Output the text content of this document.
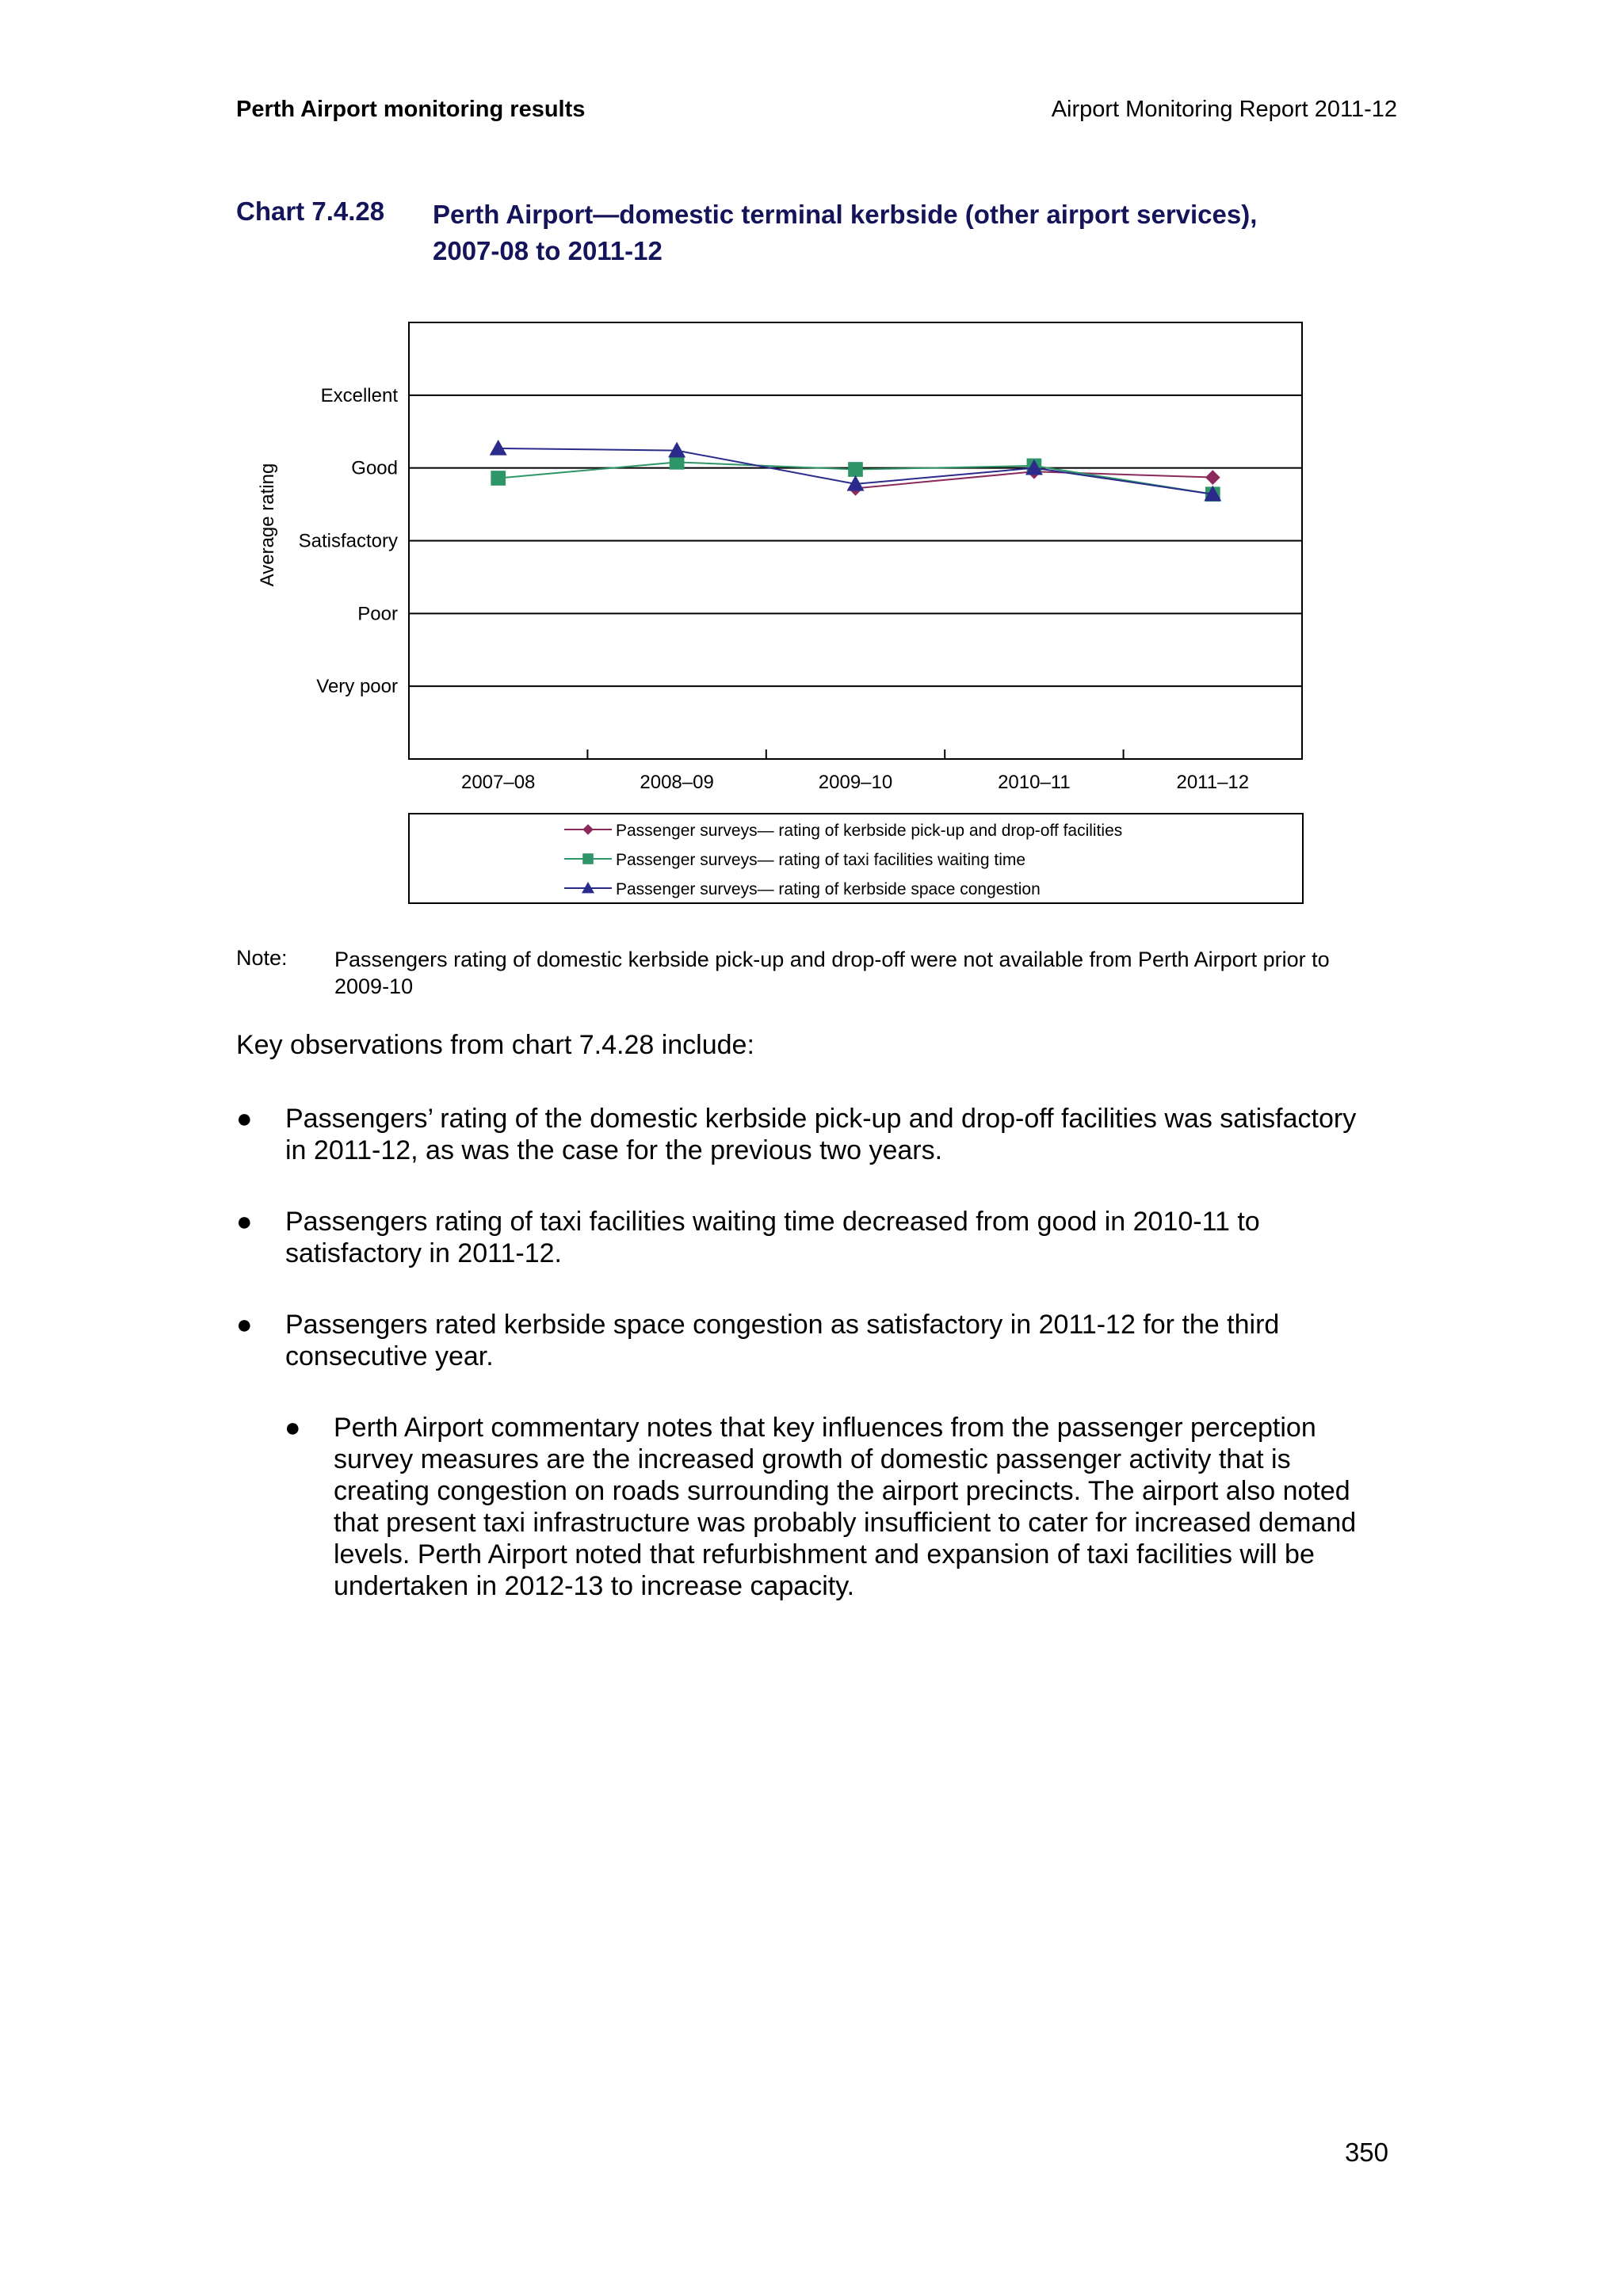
Perth Airport monitoring results	Airport Monitoring Report 2011-12
Chart 7.4.28 Perth Airport—domestic terminal kerbside (other airport services), 2007-08 to 2011-12
Very poor
Poor
Satisfactory
Good
Excellent
Average rating
2007–08	2008–09	2009–10	2010–11	2011–12
Passenger surveys— rating of kerbside pick-up and drop-off facilities
Passenger surveys— rating of taxi facilities waiting time
Passenger surveys— rating of kerbside space congestion
Note: Passengers rating of domestic kerbside pick-up and drop-off were not available from Perth Airport prior to 2009-10
Key observations from chart 7.4.28 include:
● Passengers’ rating of the domestic kerbside pick-up and drop-off facilities was satisfactory in 2011-12, as was the case for the previous two years.
● Passengers rating of taxi facilities waiting time decreased from good in 2010-11 to satisfactory in 2011-12.
● Passengers rated kerbside space congestion as satisfactory in 2011-12 for the third consecutive year.
● Perth Airport commentary notes that key influences from the passenger perception survey measures are the increased growth of domestic passenger activity that is creating congestion on roads surrounding the airport precincts. The airport also noted that present taxi infrastructure was probably insufficient to cater for increased demand levels. Perth Airport noted that refurbishment and expansion of taxi facilities will be undertaken in 2012-13 to increase capacity.
350
